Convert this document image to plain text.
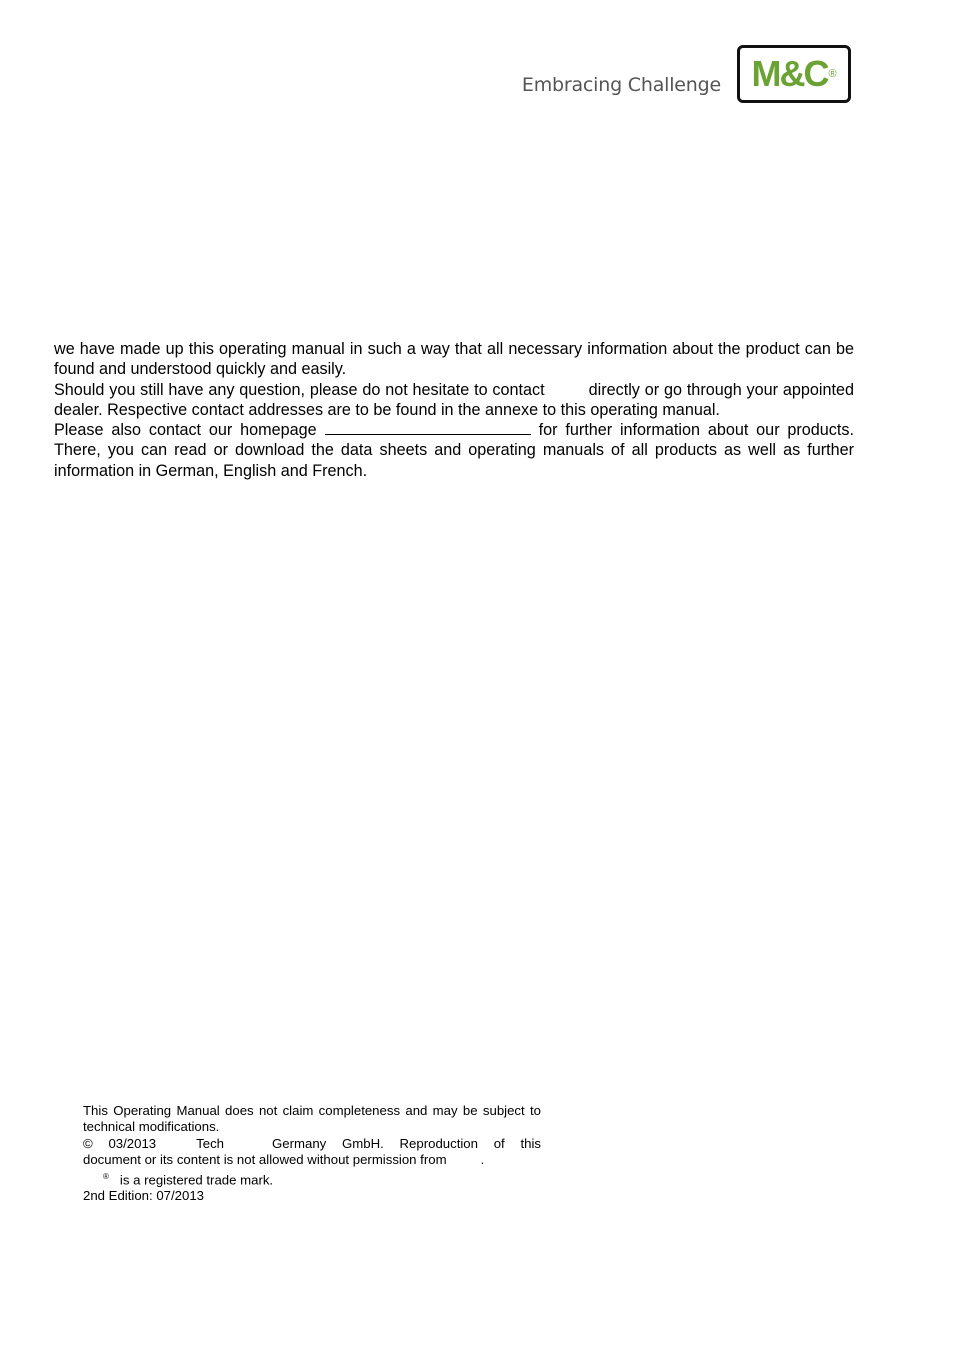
Embracing Challenge M&C ®

we have made up this operating manual in such a way that all necessary information about the product can be found and understood quickly and easily.

Should you still have any question, please do not hesitate to contact	directly or go through your appointed dealer. Respective contact addresses are to be found in the annexe to this operating manual.

Please also contact our homepage	for further information about our products. There, you can read or download the data sheets and operating manuals of all products as well as further information in German, English and French.

This Operating Manual does not claim completeness and may be subject to technical modifications.

© 03/2013	Tech	Germany GmbH. Reproduction of this document or its content is not allowed without permission from	.

® is a registered trade mark.

2nd Edition: 07/2013
